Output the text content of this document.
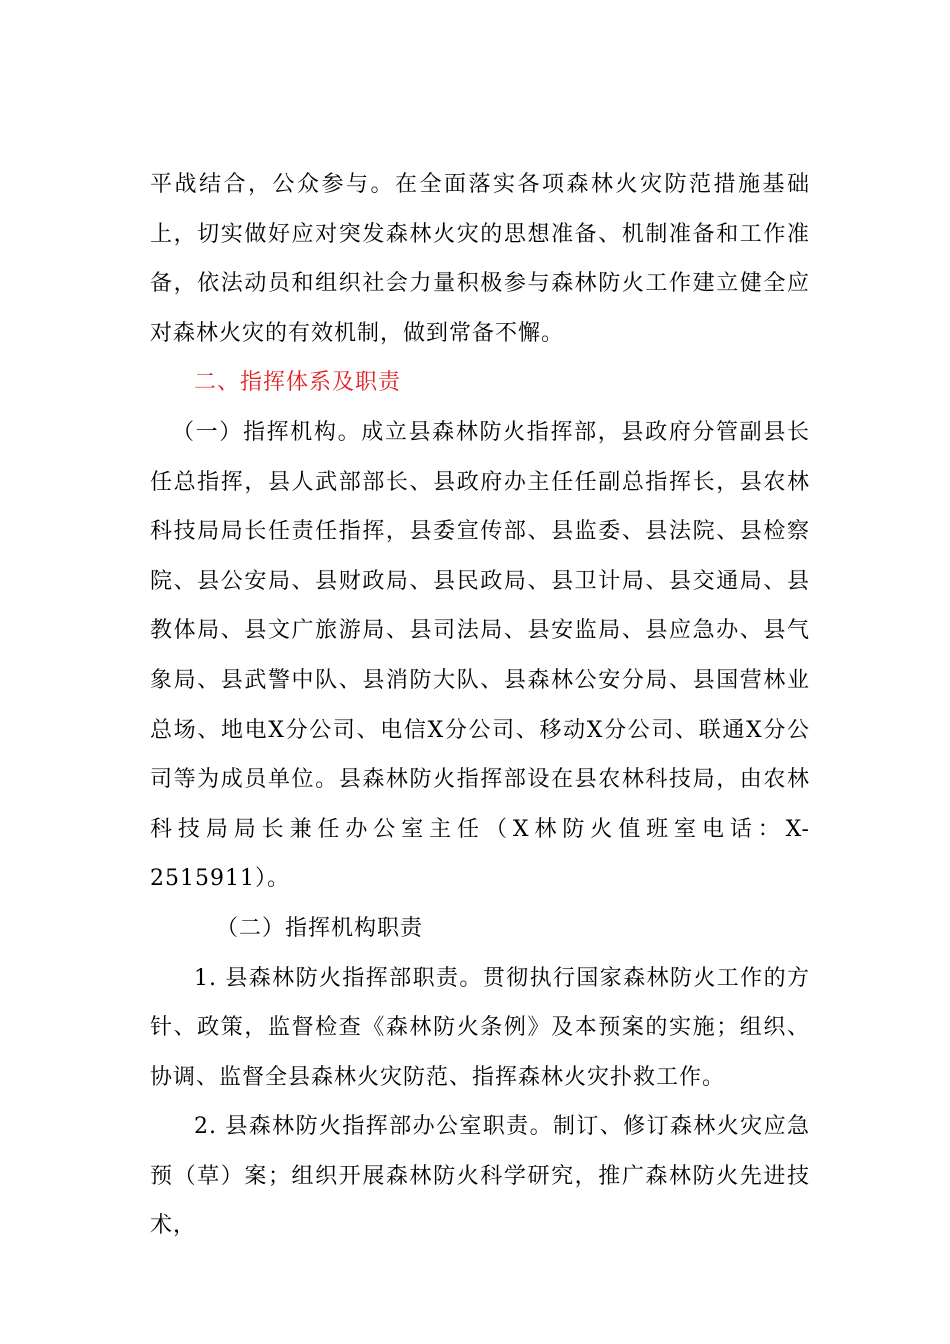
平战结合，公众参与。在全面落实各项森林火灾防范措施基础上，切实做好应对突发森林火灾的思想准备、机制准备和工作准备，依法动员和组织社会力量积极参与森林防火工作建立健全应对森林火灾的有效机制，做到常备不懈。

二、指挥体系及职责

（一）指挥机构。成立县森林防火指挥部，县政府分管副县长任总指挥，县人武部部长、县政府办主任任副总指挥长，县农林科技局局长任责任指挥，县委宣传部、县监委、县法院、县检察院、县公安局、县财政局、县民政局、县卫计局、县交通局、县教体局、县文广旅游局、县司法局、县安监局、县应急办、县气象局、县武警中队、县消防大队、县森林公安分局、县国营林业总场、地电X分公司、电信X分公司、移动X分公司、联通X分公司等为成员单位。县森林防火指挥部设在县农林科技局，由农林科技局局长兼任办公室主任（X林防火值班室电话：X-2515911）。

（二）指挥机构职责

1. 县森林防火指挥部职责。贯彻执行国家森林防火工作的方针、政策，监督检查《森林防火条例》及本预案的实施；组织、协调、监督全县森林火灾防范、指挥森林火灾扑救工作。

2. 县森林防火指挥部办公室职责。制订、修订森林火灾应急预（草）案；组织开展森林防火科学研究，推广森林防火先进技术，
